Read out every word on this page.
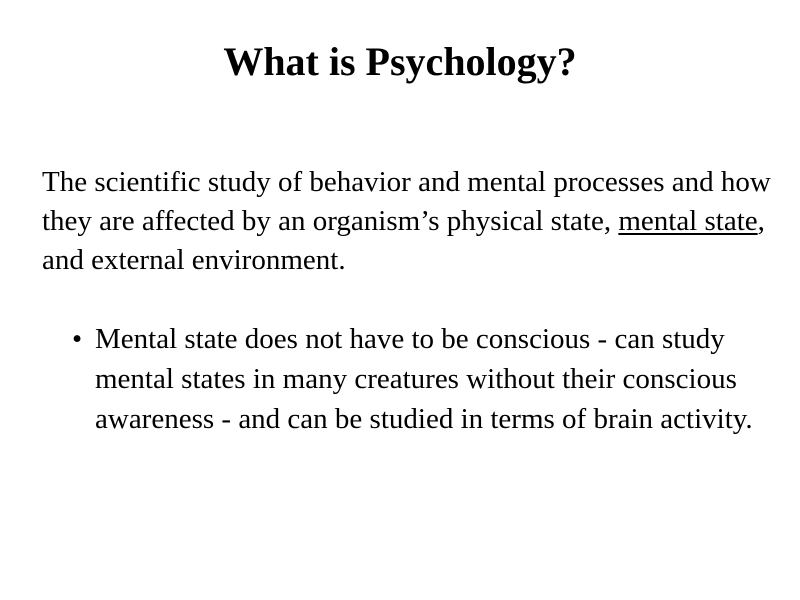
What is Psychology?

The scientific study of behavior and mental processes and how they are affected by an organism’s physical state, mental state, and external environment.

• Mental state does not have to be conscious - can study mental states in many creatures without their conscious awareness - and can be studied in terms of brain activity.
